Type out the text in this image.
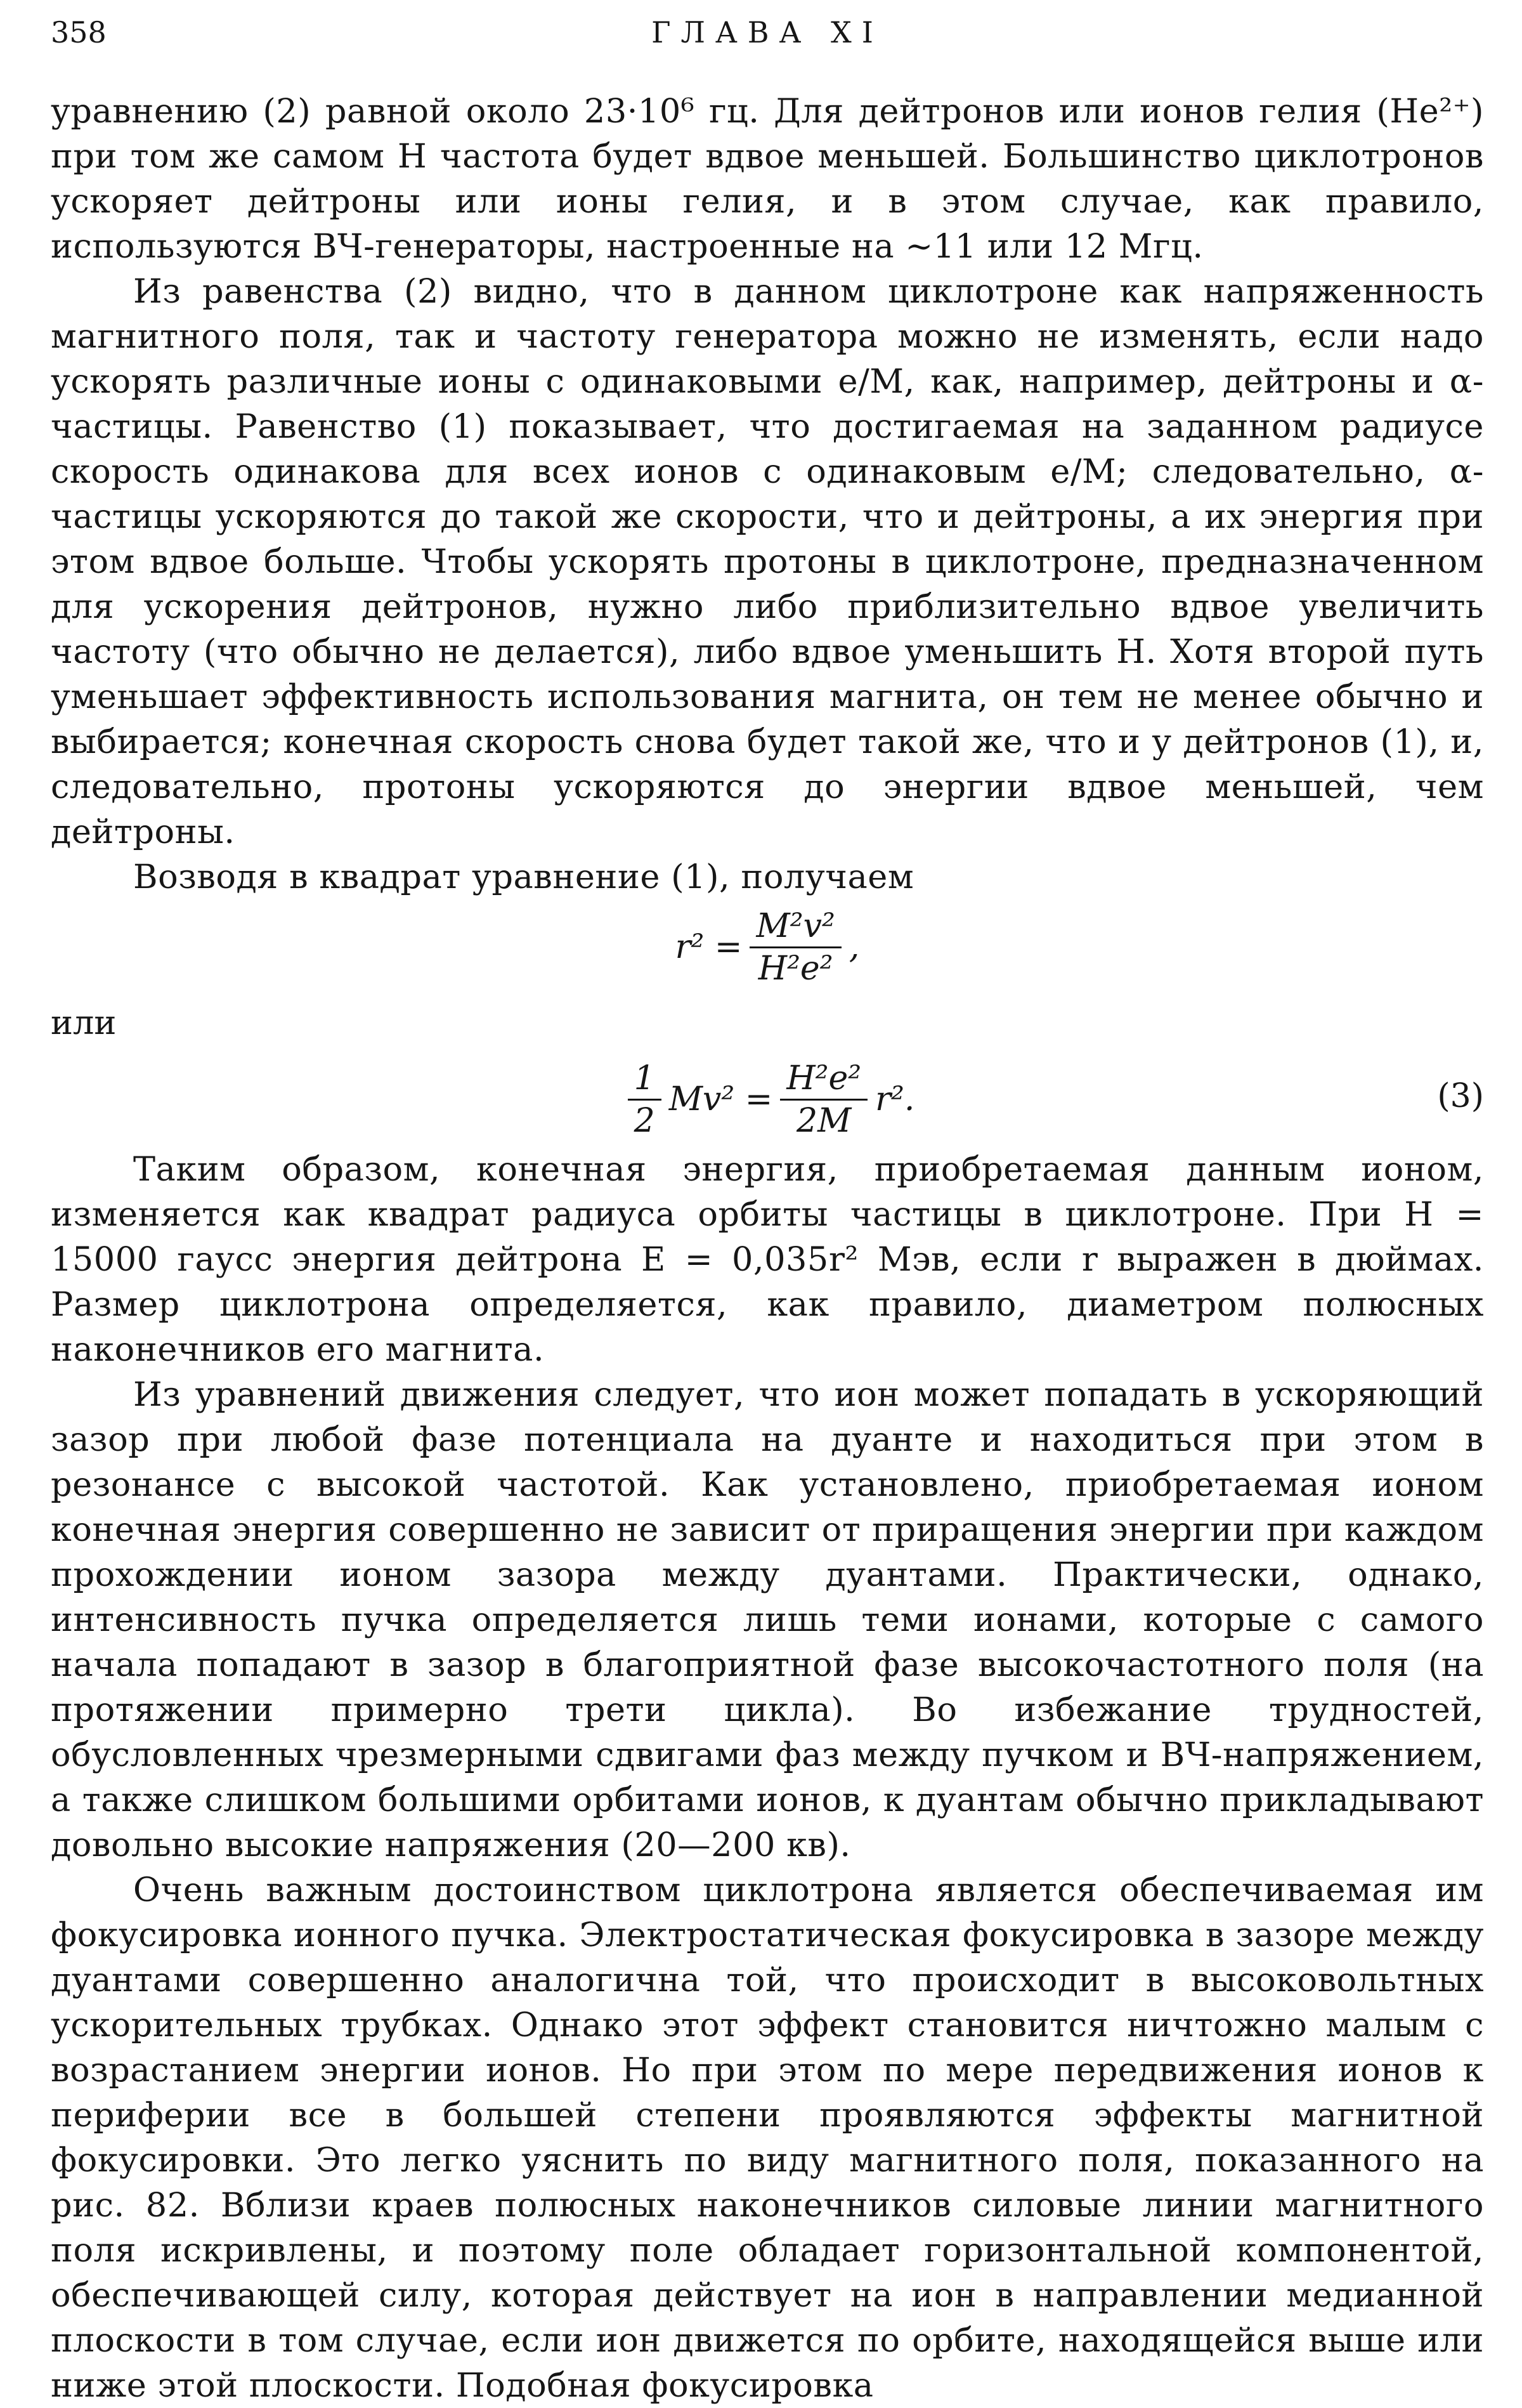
358	ГЛАВА XI

уравнению (2) равной около 23·10⁶ гц. Для дейтронов или ионов гелия (He²⁺) при том же самом H частота будет вдвое меньшей. Большинство циклотронов ускоряет дейтроны или ионы гелия, и в этом случае, как правило, используются ВЧ-генераторы, настроенные на ∼11 или 12 Мгц.

Из равенства (2) видно, что в данном циклотроне как напряженность магнитного поля, так и частоту генератора можно не изменять, если надо ускорять различные ионы с одинаковыми e/M, как, например, дейтроны и α-частицы. Равенство (1) показывает, что достигаемая на заданном радиусе скорость одинакова для всех ионов с одинаковым e/M; следовательно, α-частицы ускоряются до такой же скорости, что и дейтроны, а их энергия при этом вдвое больше. Чтобы ускорять протоны в циклотроне, предназначенном для ускорения дейтронов, нужно либо приблизительно вдвое увеличить частоту (что обычно не делается), либо вдвое уменьшить H. Хотя второй путь уменьшает эффективность использования магнита, он тем не менее обычно и выбирается; конечная скорость снова будет такой же, что и у дейтронов (1), и, следовательно, протоны ускоряются до энергии вдвое меньшей, чем дейтроны.

Возводя в квадрат уравнение (1), получаем

$r^2 = \frac{\text{M²v²}}{\text{H²e²}}$ ,
или
$\frac{1}{2} Mv^2 = \frac{\text{H²e²}}{2M} r^2$.	(3)

Таким образом, конечная энергия, приобретаемая данным ионом, изменяется как квадрат радиуса орбиты частицы в циклотроне. При H = 15000 гаусс энергия дейтрона E = 0,035r² Мэв, если r выражен в дюймах. Размер циклотрона определяется, как правило, диаметром полюсных наконечников его магнита.

Из уравнений движения следует, что ион может попадать в ускоряющий зазор при любой фазе потенциала на дуанте и находиться при этом в резонансе с высокой частотой. Как установлено, приобретаемая ионом конечная энергия совершенно не зависит от приращения энергии при каждом прохождении ионом зазора между дуантами. Практически, однако, интенсивность пучка определяется лишь теми ионами, которые с самого начала попадают в зазор в благоприятной фазе высокочастотного поля (на протяжении примерно трети цикла). Во избежание трудностей, обусловленных чрезмерными сдвигами фаз между пучком и ВЧ-напряжением, а также слишком большими орбитами ионов, к дуантам обычно прикладывают довольно высокие напряжения (20—200 кв).

Очень важным достоинством циклотрона является обеспечиваемая им фокусировка ионного пучка. Электростатическая фокусировка в зазоре между дуантами совершенно аналогична той, что происходит в высоковольтных ускорительных трубках. Однако этот эффект становится ничтожно малым с возрастанием энергии ионов. Но при этом по мере передвижения ионов к периферии все в большей степени проявляются эффекты магнитной фокусировки. Это легко уяснить по виду магнитного поля, показанного на рис. 82. Вблизи краев полюсных наконечников силовые линии магнитного поля искривлены, и поэтому поле обладает горизонтальной компонентой, обеспечивающей силу, которая действует на ион в направлении медианной плоскости в том случае, если ион движется по орбите, находящейся выше или ниже этой плоскости. Подобная фокусировка
